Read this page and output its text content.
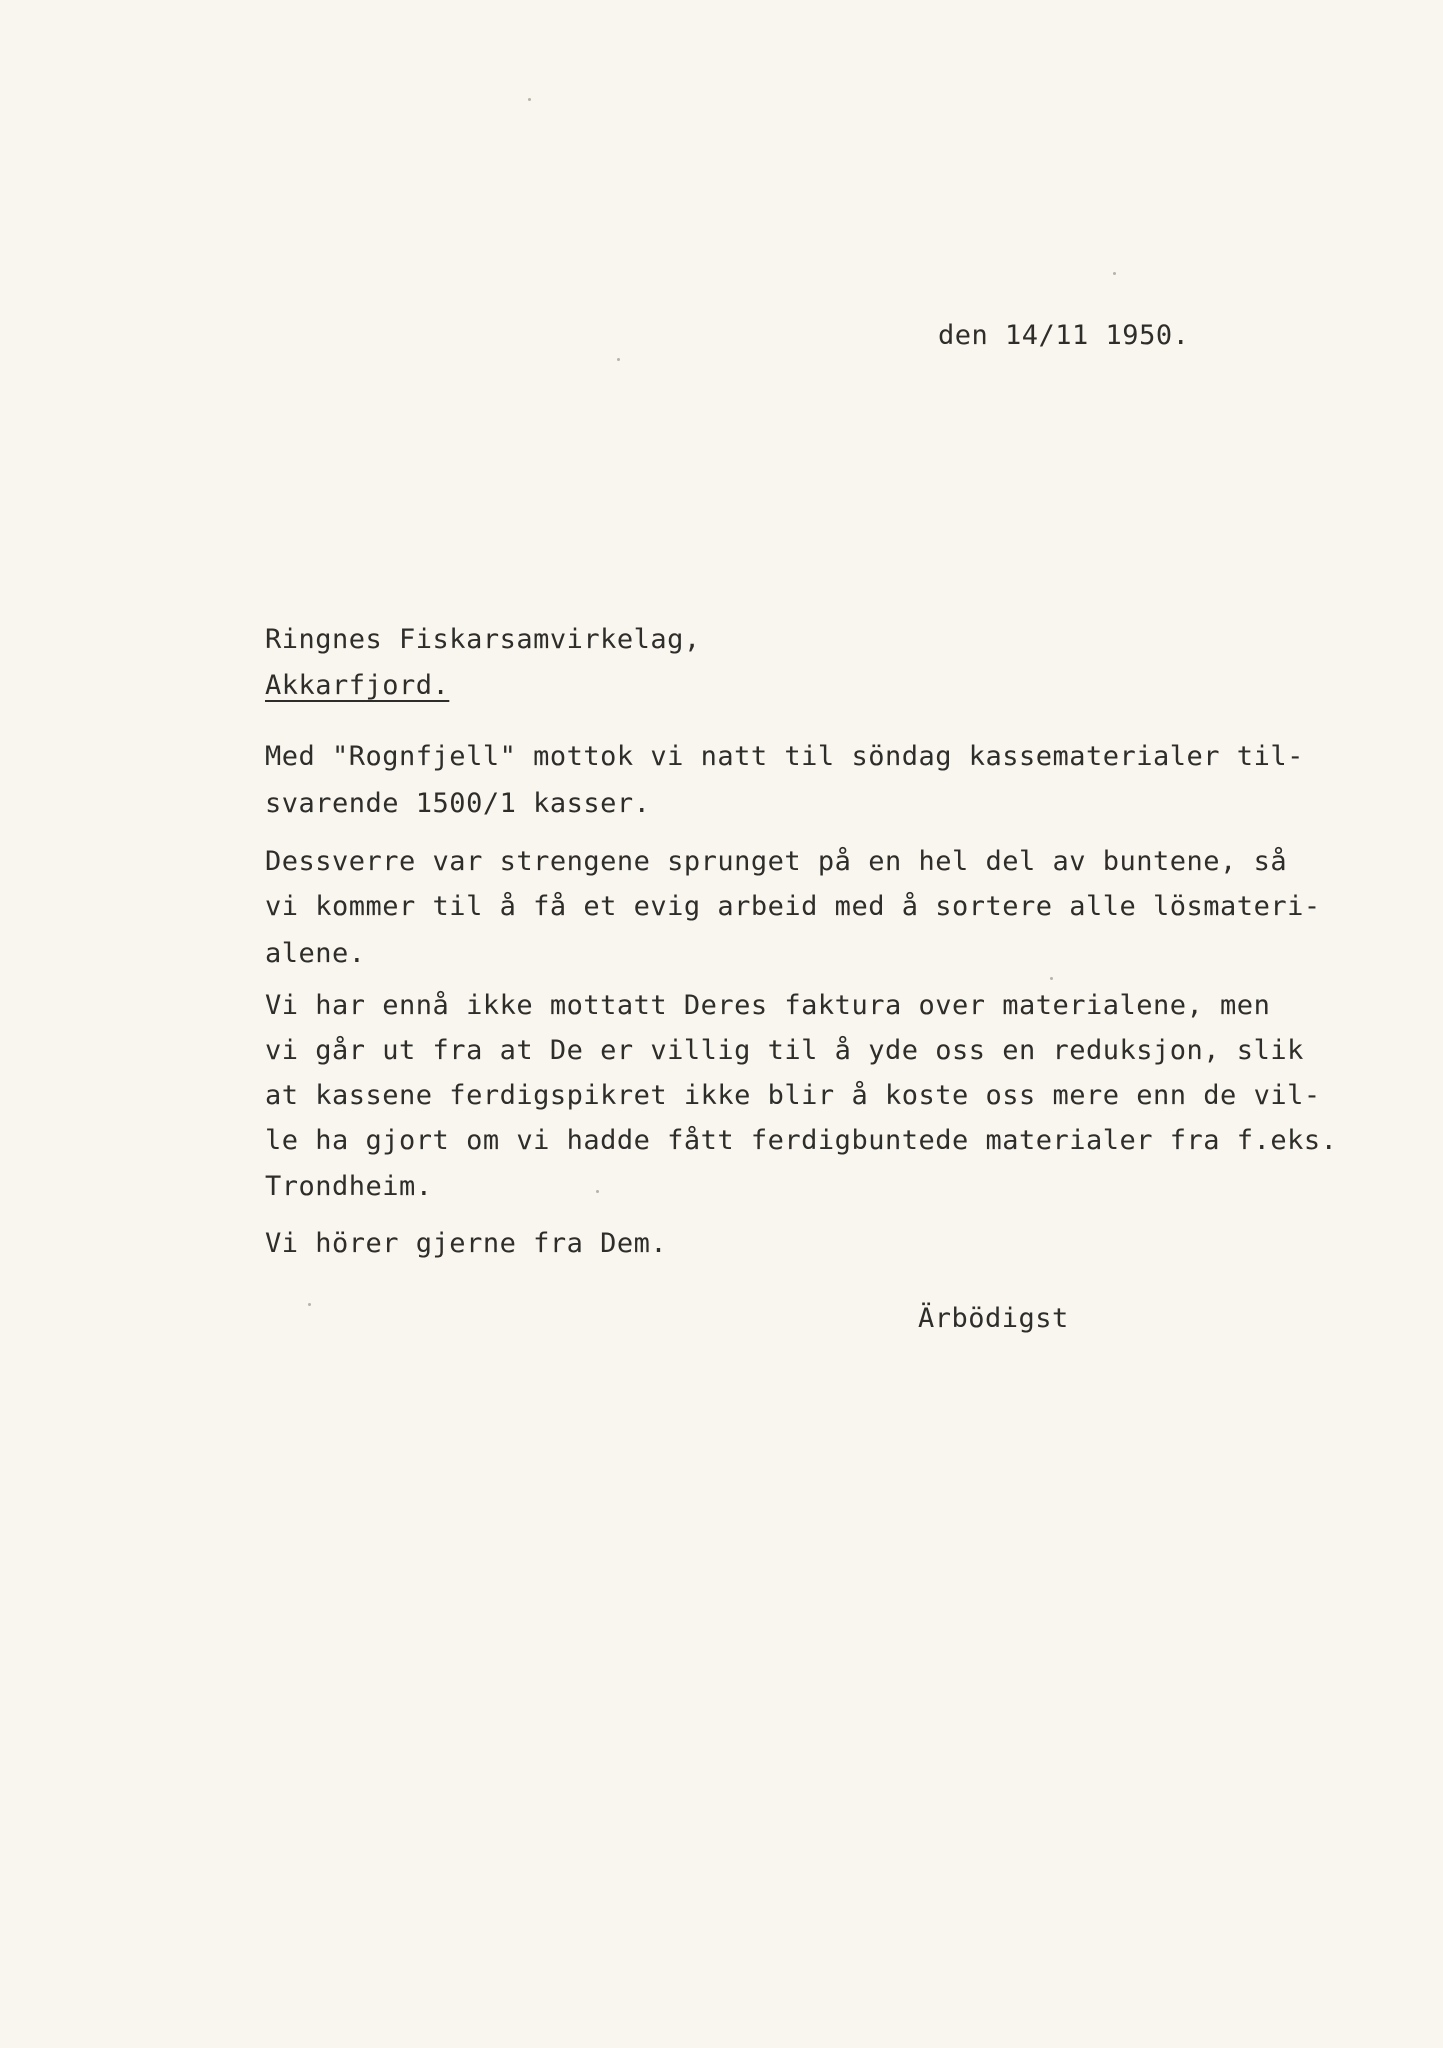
den 14/11 1950.
Ringnes Fiskarsamvirkelag,
Akkarfjord.
Med "Rognfjell" mottok vi natt til söndag kassematerialer til-
svarende 1500/1 kasser.
Dessverre var strengene sprunget på en hel del av buntene, så
vi kommer til å få et evig arbeid med å sortere alle lösmateri-
alene.
Vi har ennå ikke mottatt Deres faktura over materialene, men
vi går ut fra at De er villig til å yde oss en reduksjon, slik
at kassene ferdigspikret ikke blir å koste oss mere enn de vil-
le ha gjort om vi hadde fått ferdigbuntede materialer fra f.eks.
Trondheim.
Vi hörer gjerne fra Dem.
Ärbödigst
